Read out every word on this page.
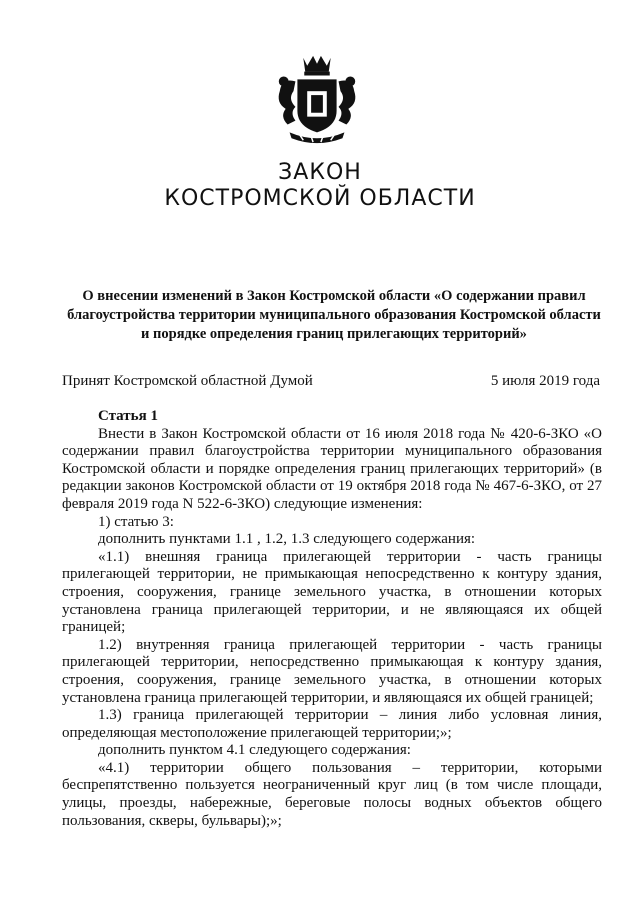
ЗАКОН
КОСТРОМСКОЙ ОБЛАСТИ
О внесении изменений в Закон Костромской области «О содержании правил благоустройства территории муниципального образования Костромской области и порядке определения границ прилегающих территорий»
Принят Костромской областной Думой	5 июля 2019 года

Статья 1

Внести в Закон Костромской области от 16 июля 2018 года № 420-6-ЗКО «О содержании правил благоустройства территории муниципального образования Костромской области и порядке определения границ прилегающих территорий» (в редакции законов Костромской области от 19 октября 2018 года № 467-6-ЗКО, от 27 февраля 2019 года N 522-6-ЗКО) следующие изменения:

1) статью 3:

дополнить пунктами 1.1 , 1.2, 1.3 следующего содержания:

«1.1) внешняя граница прилегающей территории - часть границы прилегающей территории, не примыкающая непосредственно к контуру здания, строения, сооружения, границе земельного участка, в отношении которых установлена граница прилегающей территории, и не являющаяся их общей границей;

1.2) внутренняя граница прилегающей территории - часть границы прилегающей территории, непосредственно примыкающая к контуру здания, строения, сооружения, границе земельного участка, в отношении которых установлена граница прилегающей территории, и являющаяся их общей границей;

1.3) граница прилегающей территории – линия либо условная линия, определяющая местоположение прилегающей территории;»;

дополнить пунктом 4.1 следующего содержания:

«4.1) территории общего пользования – территории, которыми беспрепятственно пользуется неограниченный круг лиц (в том числе площади, улицы, проезды, набережные, береговые полосы водных объектов общего пользования, скверы, бульвары);»;
